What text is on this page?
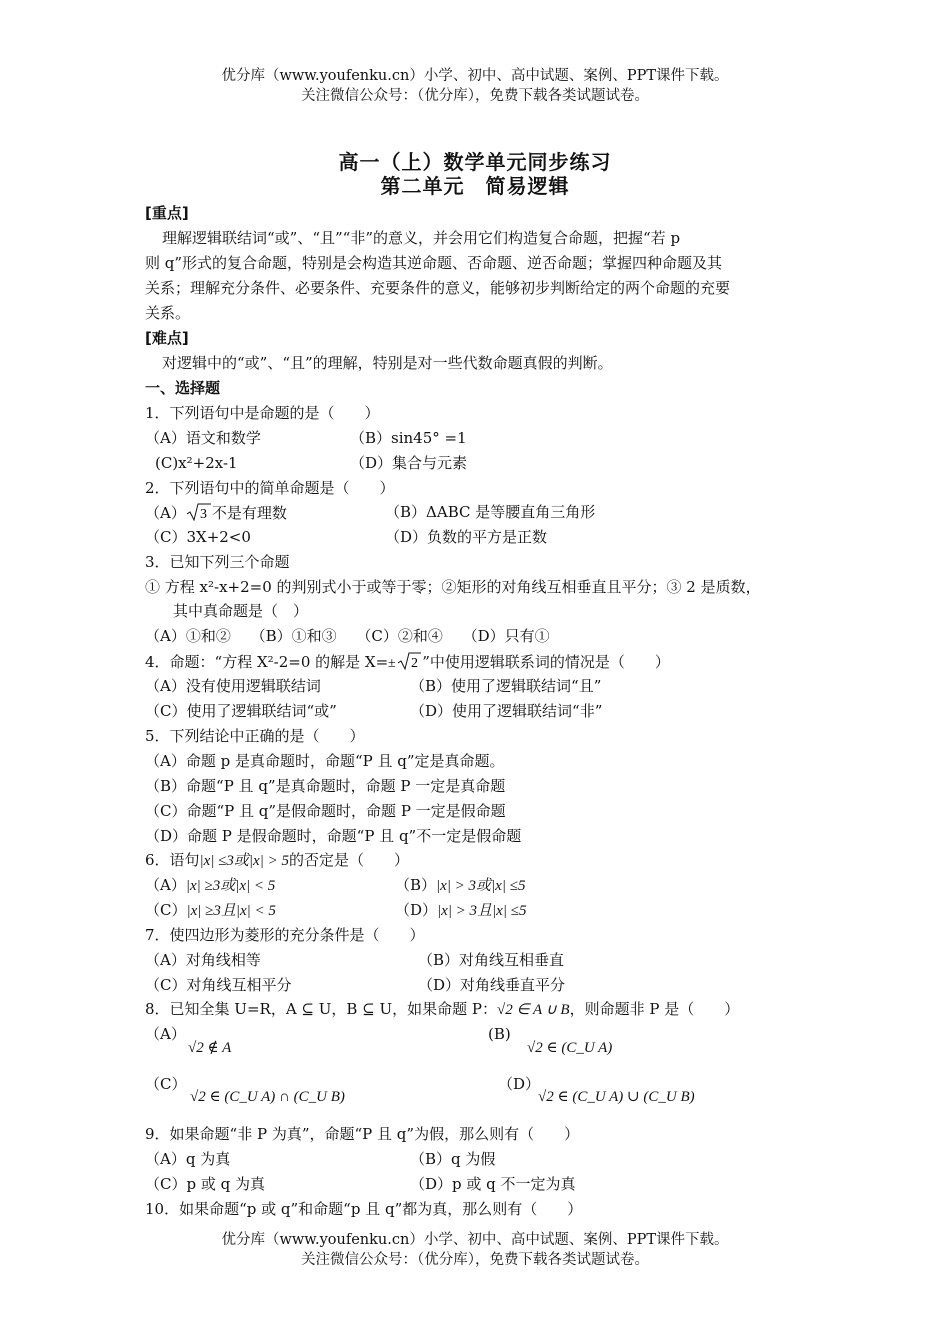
优分库（www.youfenku.cn）小学、初中、高中试题、案例、PPT课件下载。
关注微信公众号：（优分库），免费下载各类试题试卷。
高一（上）数学单元同步练习
第二单元　简易逻辑
[重点]
理解逻辑联结词“或”、“且”“非”的意义，并会用它们构造复合命题，把握“若 p
则 q”形式的复合命题，特别是会构造其逆命题、否命题、逆否命题；掌握四种命题及其
关系；理解充分条件、必要条件、充要条件的意义，能够初步判断给定的两个命题的充要
关系。
[难点]
对逻辑中的“或”、“且”的理解，特别是对一些代数命题真假的判断。
一、选择题
1．下列语句中是命题的是（　　）
（A）语文和数学	（B）sin45° =1
(C)x²+2x-1	（D）集合与元素
2．下列语句中的简单命题是（　　）
（A） 3 不是有理数	（B）ΔABC 是等腰直角三角形
（C）3X+2<0	（D）负数的平方是正数
3．已知下列三个命题
① 方程 x²-x+2=0 的判别式小于或等于零；②矩形的对角线互相垂直且平分；③ 2 是质数，
其中真命题是（　）
（A）①和②　 （B）①和③　 （C）②和④　 （D）只有①
4．命题：“方程 X²-2=0 的解是 X= ± 2 ”中使用逻辑联系词的情况是（　　）
（A）没有使用逻辑联结词	（B）使用了逻辑联结词“且”
（C）使用了逻辑联结词“或”	（D）使用了逻辑联结词“非”
5．下列结论中正确的是（　　）
（A）命题 p 是真命题时，命题“P 且 q”定是真命题。
（B）命题“P 且 q”是真命题时，命题 P 一定是真命题
（C）命题“P 且 q”是假命题时，命题 P 一定是假命题
（D）命题 P 是假命题时，命题“P 且 q”不一定是假命题
6．语句|x| ≤3或|x| > 5的否定是（　　）
（A）|x| ≥3或|x| < 5	（B）|x| > 3或|x| ≤5
（C）|x| ≥3且|x| < 5	（D）|x| > 3且|x| ≤5
7．使四边形为菱形的充分条件是（　　）
（A）对角线相等	（B）对角线互相垂直
（C）对角线互相平分	（D）对角线垂直平分
8．已知全集 U=R，A ⊆ U，B ⊆ U，如果命题 P：√2 ∈ A ∪ B，则命题非 P 是（　　）
（A）
√2 ∉ A
(B)
√2 ∈ (C_U A)
（C）
√2 ∈ (C_U A) ∩ (C_U B)
（D）
√2 ∈ (C_U A) ∪ (C_U B)
9．如果命题“非 P 为真”，命题“P 且 q”为假，那么则有（　　）
（A）q 为真	（B）q 为假
（C）p 或 q 为真	（D）p 或 q 不一定为真
10．如果命题“p 或 q”和命题“p 且 q”都为真，那么则有（　　）
优分库（www.youfenku.cn）小学、初中、高中试题、案例、PPT课件下载。
关注微信公众号：（优分库），免费下载各类试题试卷。
